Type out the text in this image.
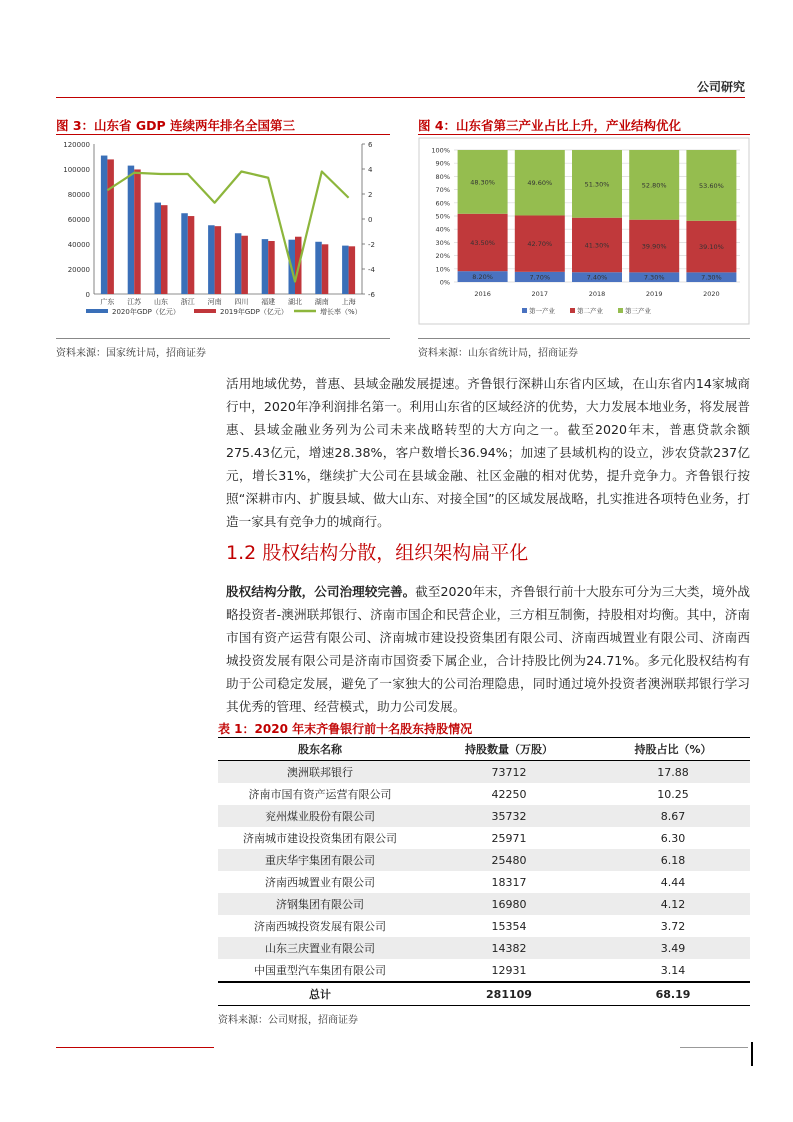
公司研究
图 3：山东省 GDP 连续两年排名全国第三
0
20000
40000
60000
80000
100000
120000
-6
-4
-2
0
2
4
6
广东 江苏 山东 浙江 河南 四川 福建 湖北 湖南 上海
2020年GDP（亿元）	2019年GDP（亿元）	增长率（%）
资料来源：国家统计局，招商证券
图 4：山东省第三产业占比上升，产业结构优化
8.20%
43.50%
48.30%
7.70%
42.70%
49.60%
7.40%
41.30%
51.30%
7.30%
39.90%
52.80%
7.30%
39.10%
53.60%
0%
10%
20%
30%
40%
50%
60%
70%
80%
90%
100%
2016	2017	2018	2019	2020
第一产业	第二产业	第三产业
资料来源：山东省统计局，招商证券

活用地域优势，普惠、县域金融发展提速。齐鲁银行深耕山东省内区域，在山东省内14家城商行中，2020年净利润排名第一。利用山东省的区域经济的优势，大力发展本地业务，将发展普惠、县域金融业务列为公司未来战略转型的大方向之一。截至2020年末，普惠贷款余额275.43亿元，增速28.38%，客户数增长36.94%；加速了县域机构的设立，涉农贷款237亿元，增长31%，继续扩大公司在县域金融、社区金融的相对优势，提升竞争力。齐鲁银行按照“深耕市内、扩腹县域、做大山东、对接全国”的区域发展战略，扎实推进各项特色业务，打造一家具有竞争力的城商行。

1.2 股权结构分散，组织架构扁平化

股权结构分散，公司治理较完善。截至2020年末，齐鲁银行前十大股东可分为三大类，境外战略投资者-澳洲联邦银行、济南市国企和民营企业，三方相互制衡，持股相对均衡。其中，济南市国有资产运营有限公司、济南城市建设投资集团有限公司、济南西城置业有限公司、济南西城投资发展有限公司是济南市国资委下属企业，合计持股比例为24.71%。多元化股权结构有助于公司稳定发展，避免了一家独大的公司治理隐患，同时通过境外投资者澳洲联邦银行学习其优秀的管理、经营模式，助力公司发展。

表 1：2020 年末齐鲁银行前十名股东持股情况
股东名称	持股数量（万股）	持股占比（%）
澳洲联邦银行	73712	17.88
济南市国有资产运营有限公司	42250	10.25
兖州煤业股份有限公司	35732	8.67
济南城市建设投资集团有限公司	25971	6.30
重庆华宇集团有限公司	25480	6.18
济南西城置业有限公司	18317	4.44
济钢集团有限公司	16980	4.12
济南西城投资发展有限公司	15354	3.72
山东三庆置业有限公司	14382	3.49
中国重型汽车集团有限公司	12931	3.14
总计	281109	68.19
资料来源：公司财报，招商证券
